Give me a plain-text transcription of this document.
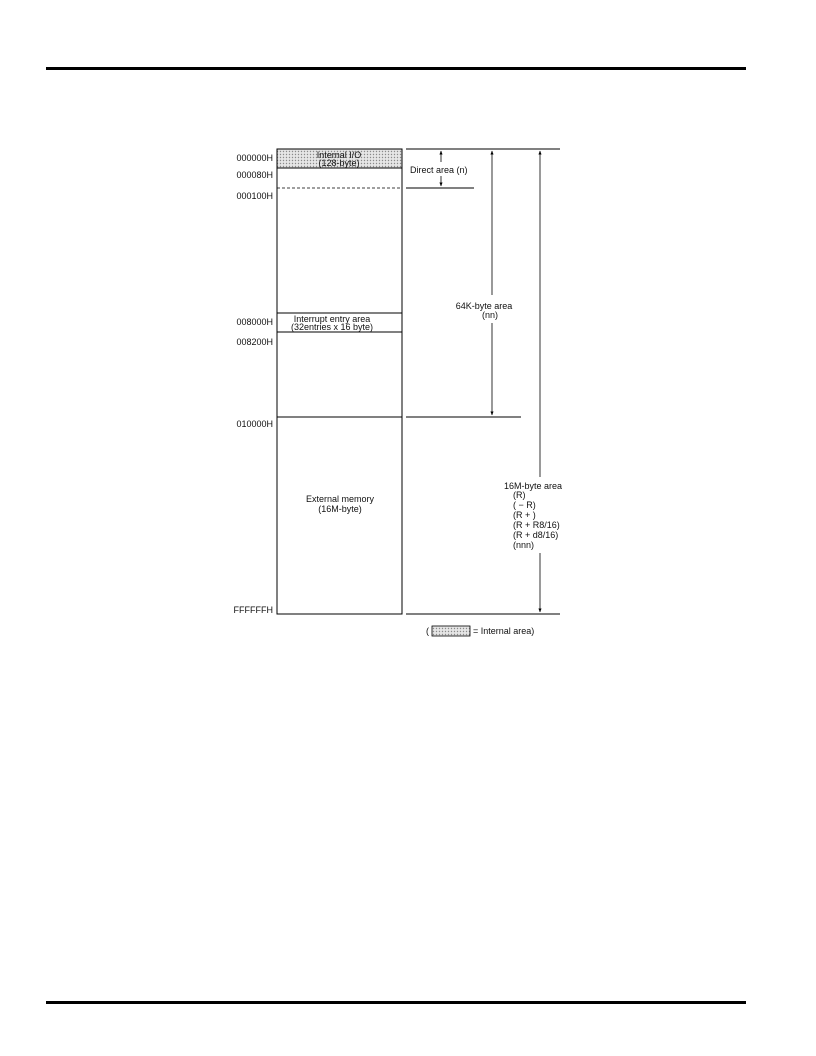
000000H
000080H
000100H
008000H
008200H
010000H
FFFFFFH
Internal I/O
(128-byte)
Interrupt entry area
(32entries x 16 byte)
External memory
(16M-byte)
Direct area (n)
64K-byte area
(nn)
16M-byte area
(R)
( − R)
(R + )
(R + R8/16)
(R + d8/16)
(nnn)
(	= Internal area)
